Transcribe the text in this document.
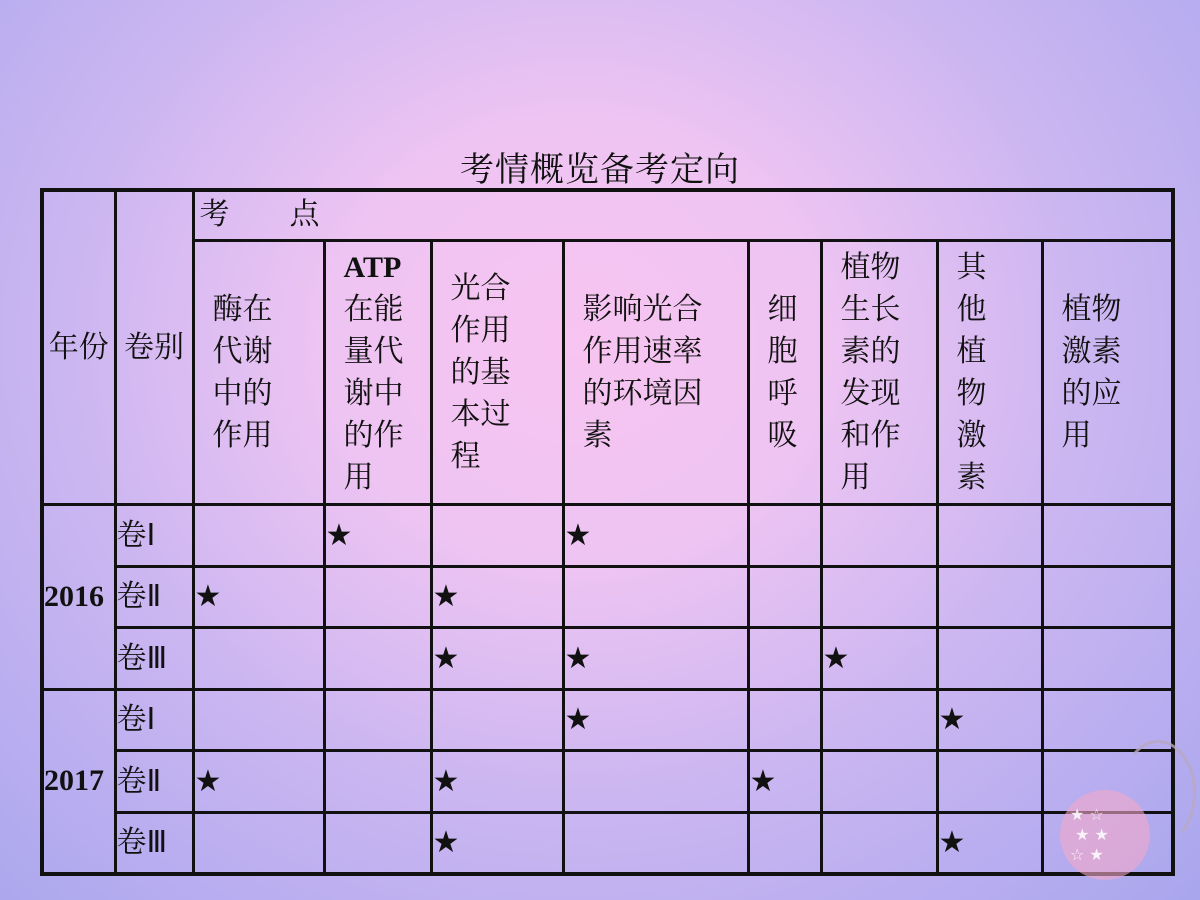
考情概览备考定向
年份	卷别	考　　点							
		酶在代谢中的作用	ATP在能量代谢中的作用	光合作用的基本过程	影响光合作用速率的环境因素	细胞呼吸	植物生长素的发现和作用	其他植物激素	植物激素的应用
2016	卷Ⅰ		★		★				
	卷Ⅱ	★		★					
	卷Ⅲ			★	★		★		
2017	卷Ⅰ				★			★	
	卷Ⅱ	★		★		★			
	卷Ⅲ			★				★	
★ ☆
★ ★
☆ ★
